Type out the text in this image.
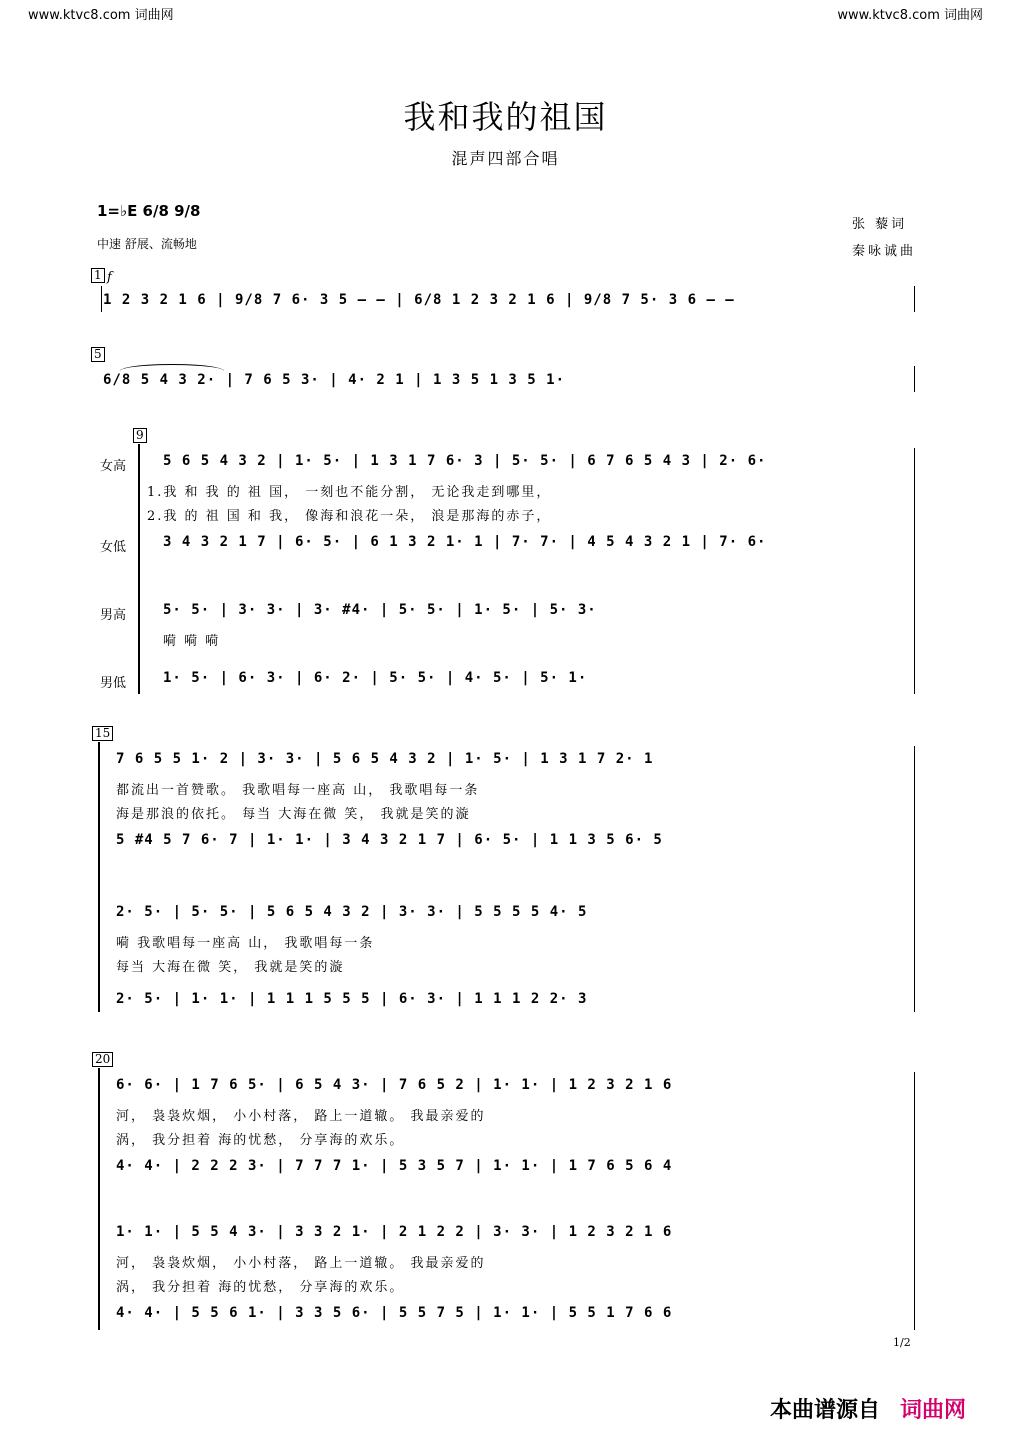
www.ktvc8.com 词曲网	www.ktvc8.com 词曲网
我和我的祖国
混声四部合唱
1=♭E 6/8 9/8
中速 舒展、流畅地
张 藜词
秦咏诚曲
1 f
1 2 3 2 1 6 | 9/8 7 6· 3 5 – – | 6/8 1 2 3 2 1 6 | 9/8 7 5· 3 6 – –
5
6/8 5 4 3 2· | 7 6 5 3· | 4· 2 1 | 1 3 5 1 3 5 1·
9
女高	5 6 5 4 3 2 | 1· 5· | 1 3 1 7 6· 3 | 5· 5· | 6 7 6 5 4 3 | 2· 6·
1.我 和 我 的 祖 国， 一刻也不能分割， 无论我走到哪里，
2.我 的 祖 国 和 我， 像海和浪花一朵， 浪是那海的赤子，
女低	3 4 3 2 1 7 | 6· 5· | 6 1 3 2 1· 1 | 7· 7· | 4 5 4 3 2 1 | 7· 6·
男高	5· 5· | 3· 3· | 3· #4· | 5· 5· | 1· 5· | 5· 3·
嗬 嗬 嗬
男低	1· 5· | 6· 3· | 6· 2· | 5· 5· | 4· 5· | 5· 1·
15
7 6 5 5 1· 2 | 3· 3· | 5 6 5 4 3 2 | 1· 5· | 1 3 1 7 2· 1
都流出一首赞歌。 我歌唱每一座高 山， 我歌唱每一条
海是那浪的依托。 每当 大海在微 笑， 我就是笑的漩
5 #4 5 7 6· 7 | 1· 1· | 3 4 3 2 1 7 | 6· 5· | 1 1 3 5 6· 5
2· 5· | 5· 5· | 5 6 5 4 3 2 | 3· 3· | 5 5 5 5 4· 5
嗬 我歌唱每一座高 山， 我歌唱每一条
每当 大海在微 笑， 我就是笑的漩
2· 5· | 1· 1· | 1 1 1 5 5 5 | 6· 3· | 1 1 1 2 2· 3
20
6· 6· | 1 7 6 5· | 6 5 4 3· | 7 6 5 2 | 1· 1· | 1 2 3 2 1 6
河， 袅袅炊烟， 小小村落， 路上一道辙。 我最亲爱的
涡， 我分担着 海的忧愁， 分享海的欢乐。
4· 4· | 2 2 2 3· | 7 7 7 1· | 5 3 5 7 | 1· 1· | 1 7 6 5 6 4
1· 1· | 5 5 4 3· | 3 3 2 1· | 2 1 2 2 | 3· 3· | 1 2 3 2 1 6
河， 袅袅炊烟， 小小村落， 路上一道辙。 我最亲爱的
涡， 我分担着 海的忧愁， 分享海的欢乐。
4· 4· | 5 5 6 1· | 3 3 5 6· | 5 5 7 5 | 1· 1· | 5 5 1 7 6 6
1/2
本曲谱源自 词曲网
